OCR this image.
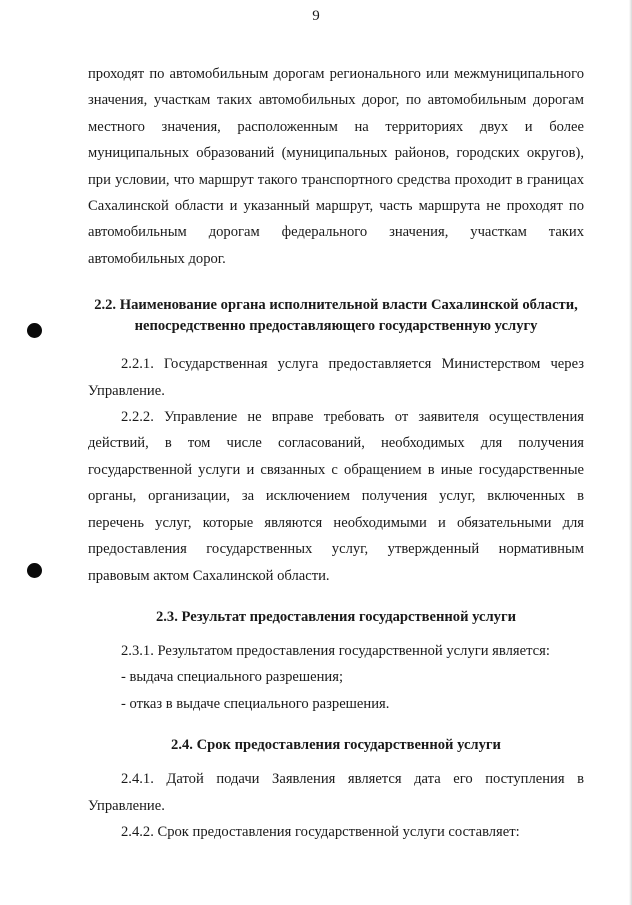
9

проходят по автомобильным дорогам регионального или межмуниципального

значения, участкам таких автомобильных дорог, по автомобильным дорогам

местного значения, расположенным на территориях двух и более

муниципальных образований (муниципальных районов, городских округов),

при условии, что маршрут такого транспортного средства проходит в границах

Сахалинской области и указанный маршрут, часть маршрута не проходят по

автомобильным дорогам федерального значения, участкам таких

автомобильных дорог.

2.2. Наименование органа исполнительной власти Сахалинской области,
непосредственно предоставляющего государственную услугу

2.2.1. Государственная услуга предоставляется Министерством через

Управление.

2.2.2. Управление не вправе требовать от заявителя осуществления

действий, в том числе согласований, необходимых для получения

государственной услуги и связанных с обращением в иные государственные

органы, организации, за исключением получения услуг, включенных в

перечень услуг, которые являются необходимыми и обязательными для

предоставления государственных услуг, утвержденный нормативным

правовым актом Сахалинской области.

2.3. Результат предоставления государственной услуги

2.3.1. Результатом предоставления государственной услуги является:

- выдача специального разрешения;

- отказ в выдаче специального разрешения.

2.4. Срок предоставления государственной услуги

2.4.1. Датой подачи Заявления является дата его поступления в

Управление.

2.4.2. Срок предоставления государственной услуги составляет:
